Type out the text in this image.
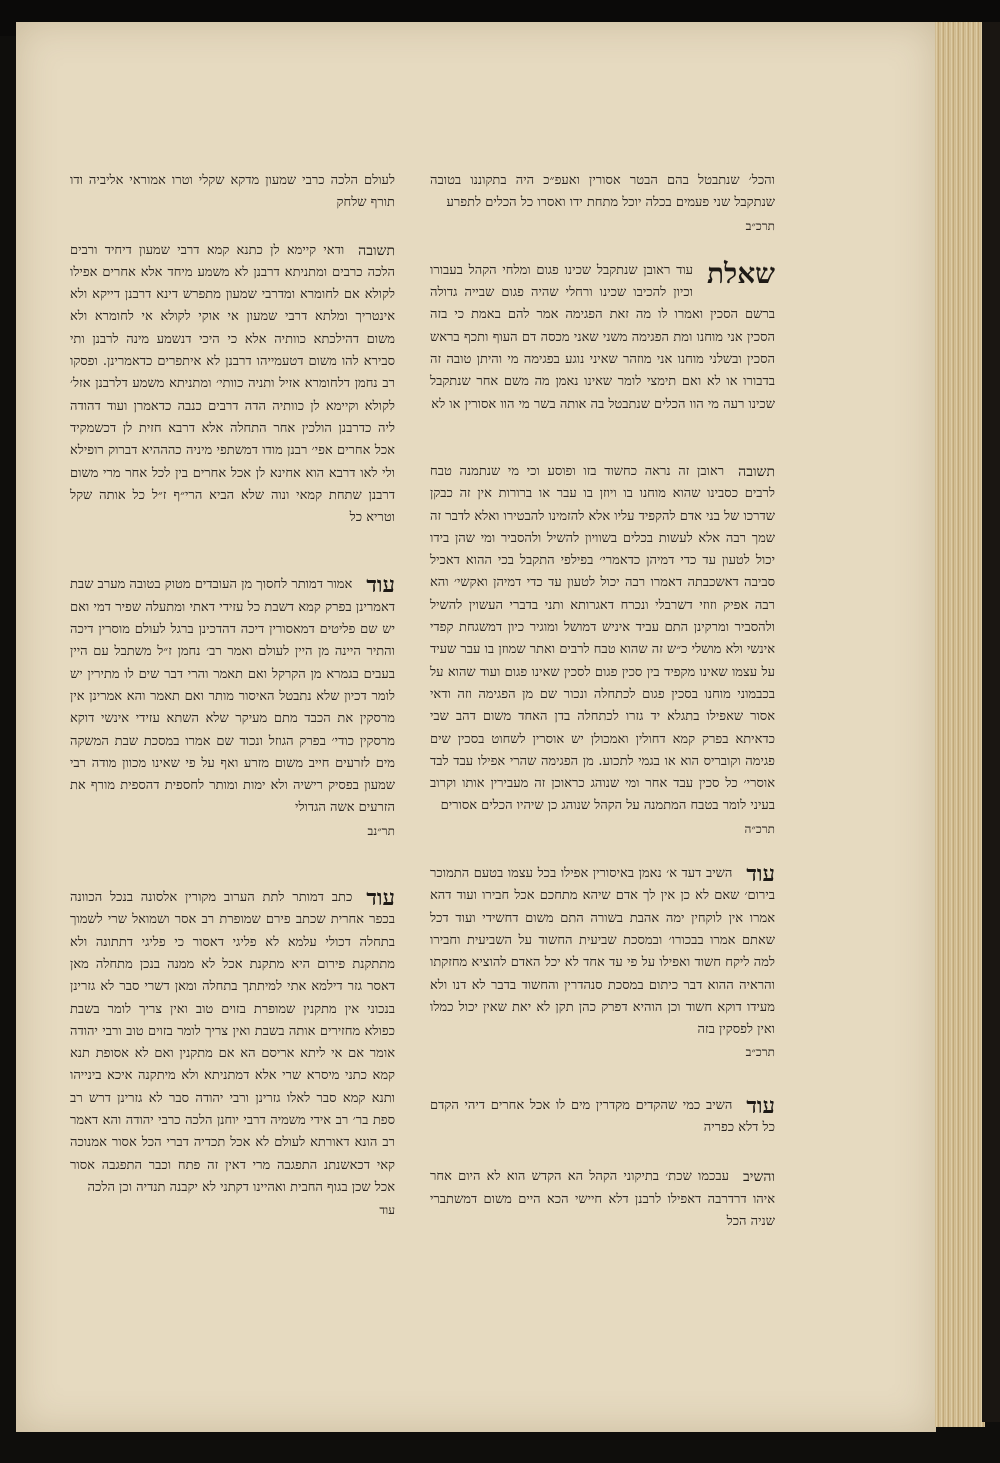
והכל׳ שנתבטל בהם הבטר אסורין ואעפ״כ היה בתקוננו בטובה שנתקבל שני פעמים בכלה יוכל מתחת ידו ואסרו כל הכלים לתפרע
תרכ״ב

שאלת
עוד ראובן שנתקבל שכינו פגום ומלחי הקהל בעבורו וכיון להכיבו שכינו ורחלי שהיה פגום שבייה גדולה ברשם הסכין ואמרו לו מה זאת הפגימה אמר להם באמת כי בזה הסכין אני מוחנו ומת הפגימה משני שאני מכסה דם העוף ותכף בראש הסכין ובשלני מוחנו אני מוזהר שאיני נוגע בפגימה מי והיתן טובה זה בדבורו או לא ואם תימצי לומר שאינו נאמן מה משם אחר שנתקבל שכינו רעה מי הוו הכלים שנתבטל בה אותה בשר מי הוו אסורין או לא

תשובה
ראובן זה נראה כחשוד בזו ופוסע וכי מי שנתמנה טבח לרבים כסבינו שהוא מוחנו בו ויוזן בו עבר או ברורות אין זה כבקן שדרכו של בני אדם להקפיד עליו אלא להזמינו להבטירו ואלא לדבר זה שמך רבה אלא לעשות בכלים בשוויון להשיל ולהסביר ומי שהן בידו יכול לטעון עד כדי דמיהן כדאמרי׳ בפילפי התקבל בכי ההוא דאכיל סביבה דאשכבתה דאמרו רבה יכול לטעון עד כדי דמיהן ואקשי׳ והא רבה אפיק וזוזי דשרבלי ונכרח דאגרותא ותני בדברי העשוין להשיל ולהסביר ומרקינן התם עביד איניש דמושל ומוגיר כיון דמשגחת קפדי אינשי ולא מושלי כ״ש זה שהוא טבח לרבים ואתר שמוזן בו עבר שעיד על עצמו שאינו מקפיד בין סכין פגום לסכין שאינו פגום ועוד שהוא על בכבמוני מוחנו בסכין פגום לכתחלה ונכור שם מן הפגימה וזה ודאי אסור שאפילו בתגלא יד גזרו לכתחלה בדן האחד משום דהב שבי כדאיתא בפרק קמא דחולין ואמכולן יש אוסרין לשחוט בסכין שים פגימה וקובריס הוא או בגמי לתכוע. מן הפגימה שהרי אפילו עבד לבד אוסרי׳ כל סכין עבד אחר ומי שנוהג כראוכן זה מעבירין אותו וקרוב בעיני לומר בטבח המתמנה על הקהל שנוהג כן שיהיו הכלים אסורים
תרכ״ה

עוד
השיב דעד א׳ נאמן באיסורין אפילו בכל עצמו בטעם התמוכר בירום׳ שאם לא כן אין לך אדם שיהא מתחכם אכל חבירו ועוד דהא אמרו אין לוקחין ימה אהבת בשורה התם משום דחשידי ועוד דכל שאתם אמרו בבכורו׳ ובמסכת שביעית החשוד על השביעית וחבירו למה ליקח חשוד ואפילו על פי עד אחד לא יכל האדם להוציא מחזקתו והראיה ההוא דבר כיתום במסכת סנהדרין והחשוד בדבר לא דנו ולא מעידו דוקא חשוד וכן הוהיא דפרק כהן תקן לא יאת שאין יכול כמלו ואין לפסקין בזה
תרכ״ב

עוד
השיב כמי שהקדים מקדרין מים לו אכל אחרים דיהי הקדם כל דלא כפריה

והשיב
עבכמו שכת׳ בתיקוני הקהל הא הקדש הוא לא היום אחר איהו דרדרבה דאפילו לרבנן דלא חיישי הכא היים משום דמשתברי שניה הכל

לעולם הלכה כרבי שמעון מדקא שקלי וטרו אמוראי אליביה ודו תורף שלחק

תשובה
ודאי קיימא לן כתנא קמא דרבי שמעון דיחיד ורבים הלכה כרבים ומתניתא דרבנן לא משמע מיחד אלא אחרים אפילו לקולא אם לחומרא ומדרבי שמעון מתפרש דינא דרבנן דייקא ולא אינטריך ומלתא דרבי שמעון אי אוקי לקולא אי לחומרא ולא משום דהילכתא כוותיה אלא כי היכי דנשמע מינה לרבנן ותי סבירא להו משום דטעמייהו דרבנן לא איתפרים כדאמרינן. ופסקו רב נחמן דלחומרא אזיל ותניה כוותי׳ ומתניתא משמע דלרבנן אזל׳ לקולא וקיימא לן כוותיה הדה דרבים כנבה כדאמרן ועוד דהודה ליה כדרבנן הולכין אחר התחלה אלא דרבא חזית לן דכשמקיד אכל אחרים אפי׳ רבנן מודו דמשתפי מיניה כהההיא דברוק רופילא ולי לאו דרבא הוא אחינא לן אכל אחרים בין לכל אחר מרי משום דרבנן שתחת קמאי ונוה שלא הביא הרי״ף ז״ל כל אותה שקל וטריא כל

עוד
אמור דמותר לחסוך מן העובדים מטוק בטובה מערב שבת דאמרינן בפרק קמא דשבת כל עזידי דאתי ומתעלה שפיר דמי ואם יש שם פליטים דמאסורין דיכה דהדכינן ברגל לעולם מוסרין דיכה והתיר היינה מן היין לעולם ואמר רב׳ נחמן ז״ל משתבל עם היין בעבים בגמרא מן הקרקל ואם תאמר והרי דבר שים לו מתירין יש לומר דכיון שלא נתבטל האיסור מותר ואם תאמר והא אמרינן אין מרסקין את הכבד מתם מעיקר שלא השתא עזידי אינשי דוקא מרסקין כודי׳ בפרק הגוזל ונכוד שם אמרו במסכת שבת המשקה מים לזרעים חייב משום מזרע ואף על פי שאינו מכוון מודה רבי שמעון בפסיק רישיה ולא ימות ומותר לחספית דהספית מורף את הזרעים אשה הגדולי
תר״נב

עוד
כתב דמותר לתת הערוב מקורין אלסונה בנכל הכוונה בכפר אחרית שכתב פירם שמופרת רב אסר ושמואל שרי לשמוך בתחלה דכולי עלמא לא פליגי דאסור כי פליגי דתתונה ולא מתתקנת פירום היא מתקנת אכל לא ממנה בנכן מתחלה מאן דאסר גזר דילמא אתי למיתתך בתחלה ומאן דשרי סבר לא גזרינן בנכוני אין מתקנין שמופרת בזוים טוב ואין צריך לומר בשבת כפולא מחזירים אותה בשבת ואין צריך לומר בזוים טוב ורבי יהודה אומר אם אי ליתא אריסם הא אם מתקנין ואם לא אסופת תנא קמא כתני מיסרא שרי אלא דמתניתא ולא מיתקנה איכא בינייהו ותנא קמא סבר לאלו גזרינן ורבי יהודה סבר לא גזרינן דרש רב ספת בר׳ רב אידי משמיה דרבי יוחנן הלכה כרבי יהודה והא דאמר רב הונא דאורתא לעולם לא אכל תכדיה דברי הכל אסור אמנוכה קאי דכאשנתנ התפגבה מרי דאין זה פתח וכבר התפגבה אסור אכל שכן בגוף החבית ואהיינו דקתני לא יקבנה תנדיה וכן הלכה
עוד
